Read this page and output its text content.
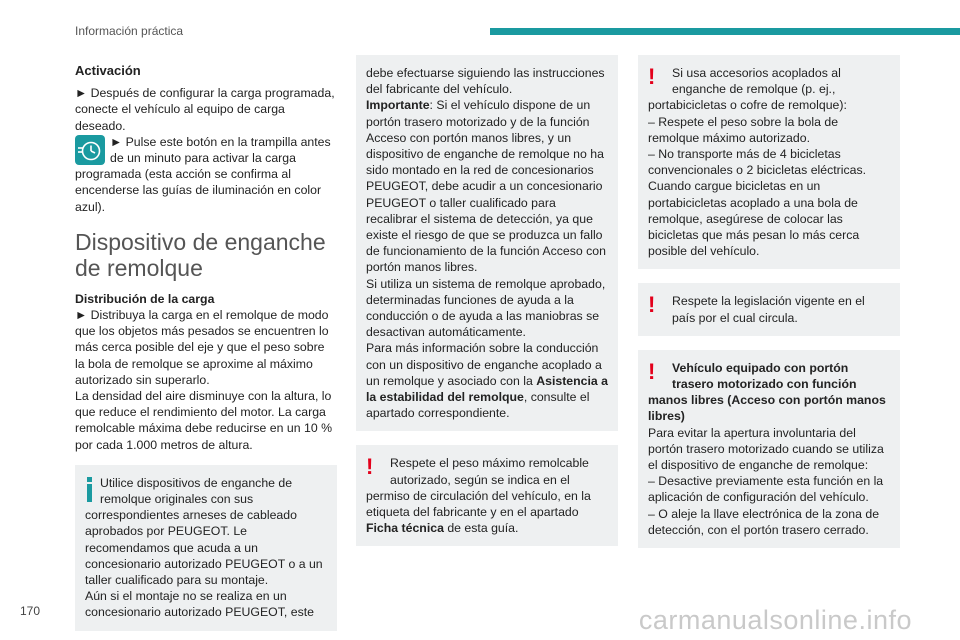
Información práctica
Activación

► Después de configurar la carga programada, conecte el vehículo al equipo de carga deseado.

► Pulse este botón en la trampilla antes de un minuto para activar la carga programada (esta acción se confirma al encenderse las guías de iluminación en color azul).

Dispositivo de enganche de remolque

Distribución de la carga

► Distribuya la carga en el remolque de modo que los objetos más pesados se encuentren lo más cerca posible del eje y que el peso sobre la bola de remolque se aproxime al máximo autorizado sin superarlo.

La densidad del aire disminuye con la altura, lo que reduce el rendimiento del motor. La carga remolcable máxima debe reducirse en un 10 % por cada 1.000 metros de altura.

Utilice dispositivos de enganche de remolque originales con sus correspondientes arneses de cableado aprobados por PEUGEOT. Le recomendamos que acuda a un concesionario autorizado PEUGEOT o a un taller cualificado para su montaje.

Aún si el montaje no se realiza en un concesionario autorizado PEUGEOT, este

debe efectuarse siguiendo las instrucciones del fabricante del vehículo.

Importante: Si el vehículo dispone de un portón trasero motorizado y de la función Acceso con portón manos libres, y un dispositivo de enganche de remolque no ha sido montado en la red de concesionarios PEUGEOT, debe acudir a un concesionario PEUGEOT o taller cualificado para recalibrar el sistema de detección, ya que existe el riesgo de que se produzca un fallo de funcionamiento de la función Acceso con portón manos libres.

Si utiliza un sistema de remolque aprobado, determinadas funciones de ayuda a la conducción o de ayuda a las maniobras se desactivan automáticamente.

Para más información sobre la conducción con un dispositivo de enganche acoplado a un remolque y asociado con la Asistencia a la estabilidad del remolque, consulte el apartado correspondiente.

!	Respete el peso máximo remolcable autorizado, según se indica en el permiso de circulación del vehículo, en la etiqueta del fabricante y en el apartado Ficha técnica de esta guía.

!	Si usa accesorios acoplados al enganche de remolque (p. ej., portabicicletas o cofre de remolque):

– Respete el peso sobre la bola de remolque máximo autorizado.

– No transporte más de 4 bicicletas convencionales o 2 bicicletas eléctricas.

Cuando cargue bicicletas en un portabicicletas acoplado a una bola de remolque, asegúrese de colocar las bicicletas que más pesan lo más cerca posible del vehículo.

!	Respete la legislación vigente en el país por el cual circula.

!	Vehículo equipado con portón trasero motorizado con función manos libres (Acceso con portón manos libres)

Para evitar la apertura involuntaria del portón trasero motorizado cuando se utiliza el dispositivo de enganche de remolque:

– Desactive previamente esta función en la aplicación de configuración del vehículo.

– O aleje la llave electrónica de la zona de detección, con el portón trasero cerrado.

170	carmanualsonline.info
